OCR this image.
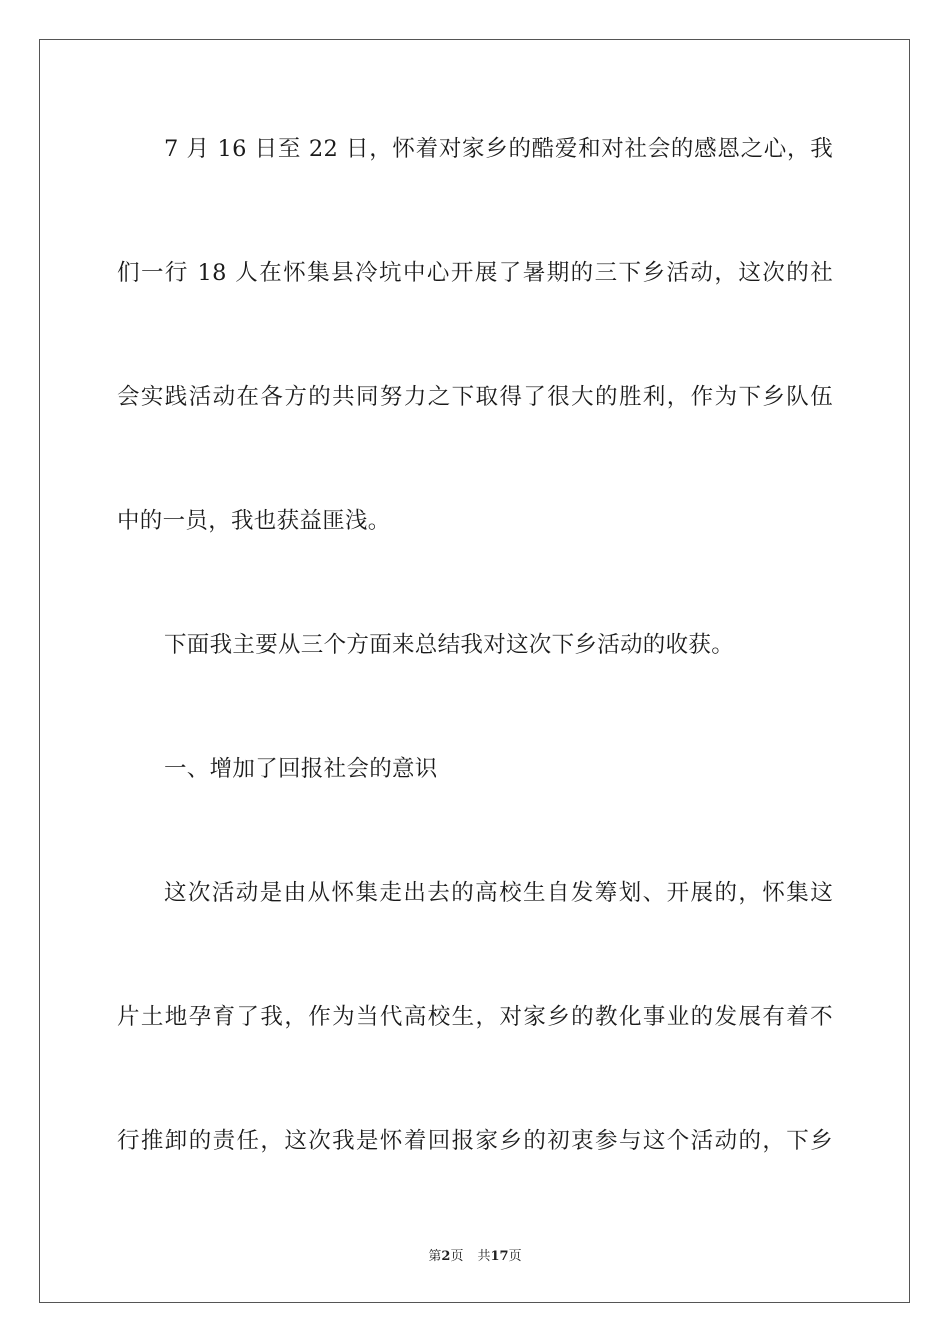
7 月 16 日至 22 日，怀着对家乡的酷爱和对社会的感恩之心，我
们一行 18 人在怀集县冷坑中心开展了暑期的三下乡活动，这次的社
会实践活动在各方的共同努力之下取得了很大的胜利，作为下乡队伍
中的一员，我也获益匪浅。
下面我主要从三个方面来总结我对这次下乡活动的收获。
一、增加了回报社会的意识
这次活动是由从怀集走出去的高校生自发筹划、开展的，怀集这
片土地孕育了我，作为当代高校生，对家乡的教化事业的发展有着不
行推卸的责任，这次我是怀着回报家乡的初衷参与这个活动的，下乡
第2页 共17页
